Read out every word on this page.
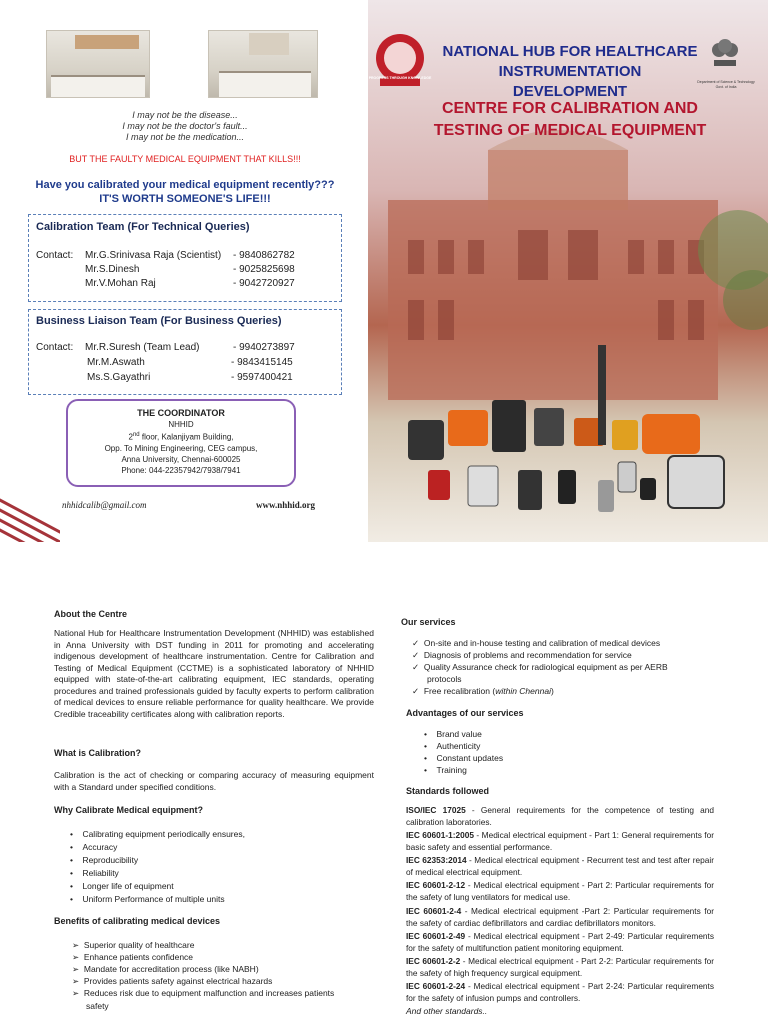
I may not be the disease...
I may not be the doctor's fault...
I may not be the medication...
BUT THE FAULTY MEDICAL EQUIPMENT THAT KILLS!!!
Have you calibrated your medical equipment recently???
IT'S WORTH SOMEONE'S LIFE!!!
Calibration Team (For Technical Queries)
Contact: Mr.G.Srinivasa Raja (Scientist) - 9840862782
Mr.S.Dinesh	- 9025825698
Mr.V.Mohan Raj	- 9042720927
Business Liaison Team (For Business Queries)
Contact: Mr.R.Suresh (Team Lead)	- 9940273897
Mr.M.Aswath	- 9843415145
Ms.S.Gayathri	- 9597400421
THE COORDINATOR
NHHID
2nd floor, Kalanjiyam Building,
Opp. To Mining Engineering, CEG campus,
Anna University, Chennai-600025
Phone: 044-22357942/7938/7941
nhhidcalib@gmail.com	www.nhhid.org
PROGRESS THROUGH KNOWLEDGE
NATIONAL HUB FOR HEALTHCARE
INSTRUMENTATION DEVELOPMENT
Department of Science & Technology
Govt. of India
CENTRE FOR CALIBRATION AND
TESTING OF MEDICAL EQUIPMENT
About the Centre
National Hub for Healthcare Instrumentation Development (NHHID) was established in Anna University with DST funding in 2011 for promoting and accelerating indigenous development of healthcare instrumentation. Centre for Calibration and Testing of Medical Equipment (CCTME) is a sophisticated laboratory of NHHID equipped with state-of-the-art calibrating equipment, IEC standards, operating procedures and trained professionals guided by faculty experts to perform calibration of medical devices to ensure reliable performance for quality healthcare. We provide Credible traceability certificates along with calibration reports.
What is Calibration?
Calibration is the act of checking or comparing accuracy of measuring equipment with a Standard under specified conditions.
Why Calibrate Medical equipment?
•    Calibrating equipment periodically ensures,
•    Accuracy
•    Reproducibility
•    Reliability
•    Longer life of equipment
•    Uniform Performance of multiple units
Benefits of calibrating medical devices
➢  Superior quality of healthcare
➢  Enhance patients confidence
➢  Mandate for accreditation process (like NABH)
➢  Provides patients safety against electrical hazards
➢  Reduces risk due to equipment malfunction and increases patients
safety
Our services
✓  On-site and in-house testing and calibration of medical devices
✓  Diagnosis of problems and recommendation for service
✓  Quality Assurance check for radiological equipment as per AERB
protocols
✓  Free recalibration (within Chennai)
Advantages of our services
•    Brand value
•    Authenticity
•    Constant updates
•    Training
Standards followed
ISO/IEC 17025 - General requirements for the competence of testing and calibration laboratories.
IEC 60601-1:2005 - Medical electrical equipment - Part 1: General requirements for basic safety and essential performance.
IEC 62353:2014 - Medical electrical equipment - Recurrent test and test after repair of medical electrical equipment.
IEC 60601-2-12 - Medical electrical equipment - Part 2: Particular requirements for the safety of lung ventilators for medical use.
IEC 60601-2-4 - Medical electrical equipment -Part 2: Particular requirements for the safety of cardiac defibrillators and cardiac defibrillators monitors.
IEC 60601-2-49 - Medical electrical equipment - Part 2-49: Particular requirements for the safety of multifunction patient monitoring equipment.
IEC 60601-2-2 - Medical electrical equipment - Part 2-2: Particular requirements for the safety of high frequency surgical equipment.
IEC 60601-2-24 - Medical electrical equipment - Part 2-24: Particular requirements for the safety of infusion pumps and controllers.
And other standards..
